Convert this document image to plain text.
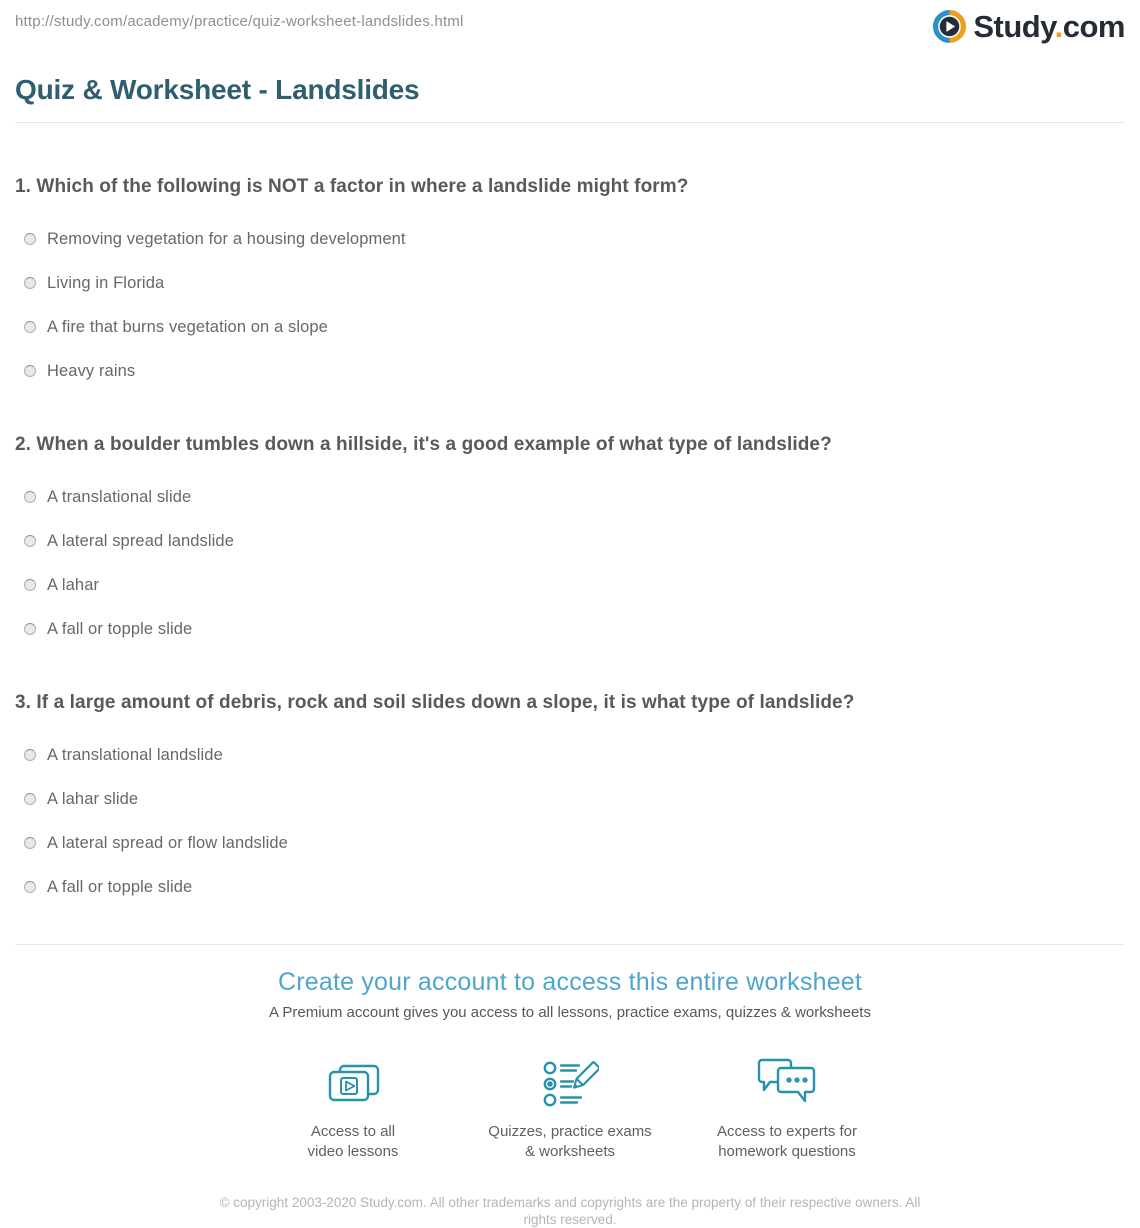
http://study.com/academy/practice/quiz-worksheet-landslides.html	Study.com
Quiz & Worksheet - Landslides
1. Which of the following is NOT a factor in where a landslide might form?
Removing vegetation for a housing development
Living in Florida
A fire that burns vegetation on a slope
Heavy rains
2. When a boulder tumbles down a hillside, it's a good example of what type of landslide?
A translational slide
A lateral spread landslide
A lahar
A fall or topple slide
3. If a large amount of debris, rock and soil slides down a slope, it is what type of landslide?
A translational landslide
A lahar slide
A lateral spread or flow landslide
A fall or topple slide
Create your account to access this entire worksheet
A Premium account gives you access to all lessons, practice exams, quizzes & worksheets
Access to all
video lessons
Quizzes, practice exams
& worksheets
Access to experts for
homework questions
© copyright 2003-2020 Study.com. All other trademarks and copyrights are the property of their respective owners. All rights reserved.
